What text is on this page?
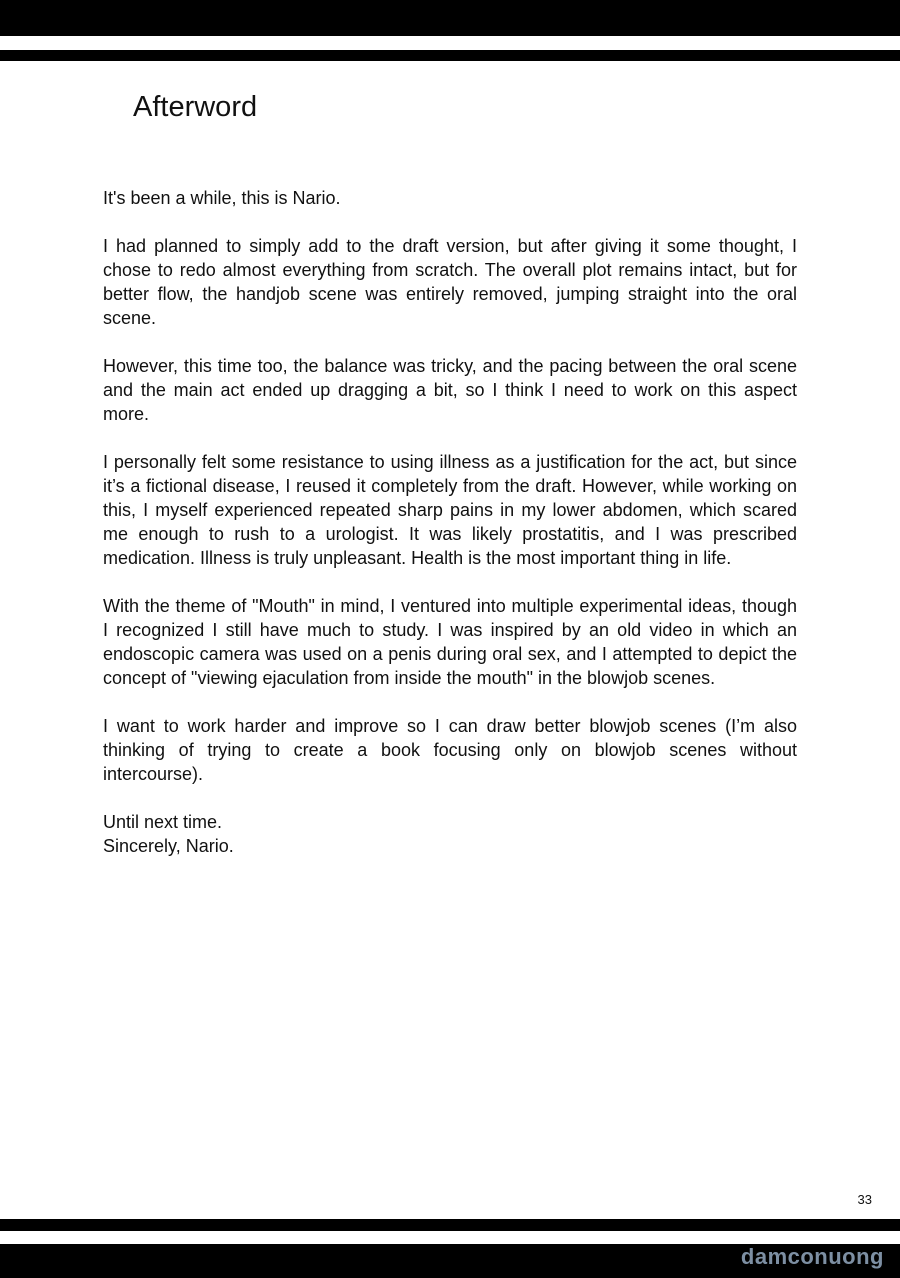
Afterword

It's been a while, this is Nario.

I had planned to simply add to the draft version, but after giving it some thought, I chose to redo almost everything from scratch. The overall plot remains intact, but for better flow, the handjob scene was entirely removed, jumping straight into the oral scene.

However, this time too, the balance was tricky, and the pacing between the oral scene and the main act ended up dragging a bit, so I think I need to work on this aspect more.

I personally felt some resistance to using illness as a justification for the act, but since it’s a fictional disease, I reused it completely from the draft. However, while working on this, I myself experienced repeated sharp pains in my lower abdomen, which scared me enough to rush to a urologist. It was likely prostatitis, and I was prescribed medication. Illness is truly unpleasant. Health is the most important thing in life.

With the theme of "Mouth" in mind, I ventured into multiple experimental ideas, though I recognized I still have much to study. I was inspired by an old video in which an endoscopic camera was used on a penis during oral sex, and I attempted to depict the concept of "viewing ejaculation from inside the mouth" in the blowjob scenes.

I want to work harder and improve so I can draw better blowjob scenes (I’m also thinking of trying to create a book focusing only on blowjob scenes without intercourse).

Until next time.
Sincerely, Nario.
33
damconuong
